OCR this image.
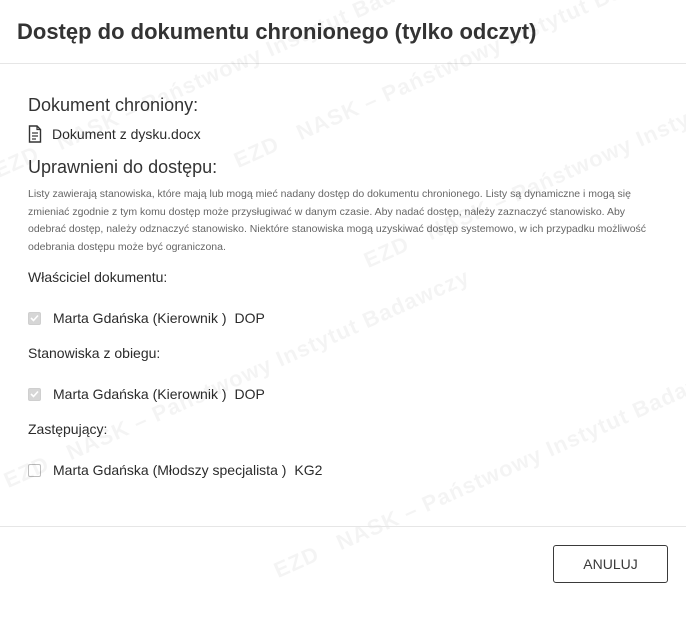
Dostęp do dokumentu chronionego (tylko odczyt)

Dokument chroniony:

Dokument z dysku.docx

Uprawnieni do dostępu:

Listy zawierają stanowiska, które mają lub mogą mieć nadany dostęp do dokumentu chronionego. Listy są dynamiczne i mogą się zmieniać zgodnie z tym komu dostęp może przysługiwać w danym czasie. Aby nadać dostęp, należy zaznaczyć stanowisko. Aby odebrać dostęp, należy odznaczyć stanowisko. Niektóre stanowiska mogą uzyskiwać dostęp systemowo, w ich przypadku możliwość odebrania dostępu może być ograniczona.

Właściciel dokumentu:

Marta Gdańska (Kierownik ) DOP

Stanowiska z obiegu:

Marta Gdańska (Kierownik ) DOP

Zastępujący:

Marta Gdańska (Młodszy specjalista ) KG2
ANULUJ
